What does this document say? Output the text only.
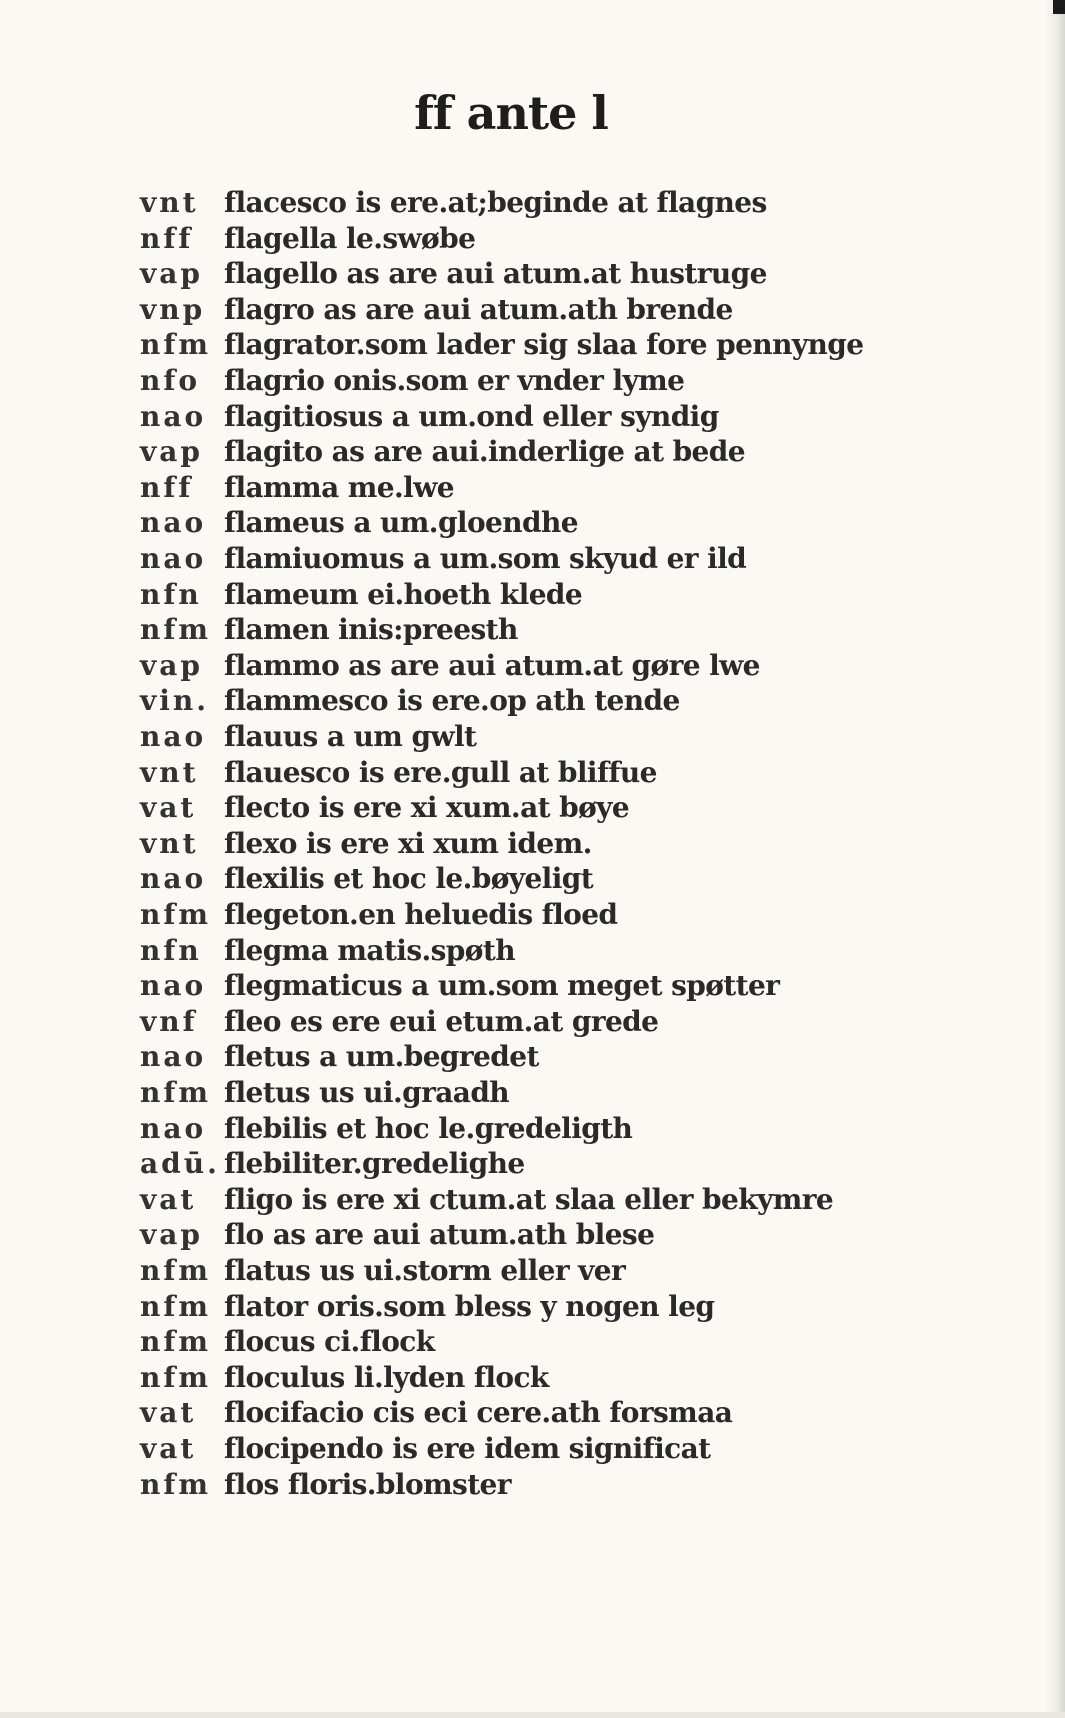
ff ante l
vnt flacesco is ere.at;beginde at flagnes
nff	flagella le.swøbe
vap flagello as are aui atum.at hustruge
vnp flagro as are aui atum.ath brende
nfm flagrator.som lader sig slaa fore pennynge
nfo flagrio onis.som er vnder lyme
nao flagitiosus a um.ond eller syndig
vap flagito as are aui.inderlige at bede
nff	flamma me.lwe
nao flameus a um.gloendhe
nao flamiuomus a um.som skyud er ild
nfn flameum ei.hoeth klede
nfm flamen inis:preesth
vap flammo as are aui atum.at gøre lwe
vin. flammesco is ere.op ath tende
nao flauus a um gwlt
vnt flauesco is ere.gull at bliffue
vat flecto is ere xi xum.at bøye
vnt flexo is ere xi xum idem.
nao flexilis et hoc le.bøyeligt
nfm flegeton.en heluedis floed
nfn flegma matis.spøth
nao flegmaticus a um.som meget spøtter
vnf fleo es ere eui etum.at grede
nao fletus a um.begredet
nfm fletus us ui.graadh
nao flebilis et hoc le.gredeligth
adū. flebiliter.gredelighe
vat fligo is ere xi ctum.at slaa eller bekymre
vap flo as are aui atum.ath blese
nfm flatus us ui.storm eller ver
nfm flator oris.som bless y nogen leg
nfm flocus ci.flock
nfm floculus li.lyden flock
vat flocifacio cis eci cere.ath forsmaa
vat flocipendo is ere idem significat
nfm flos floris.blomster
